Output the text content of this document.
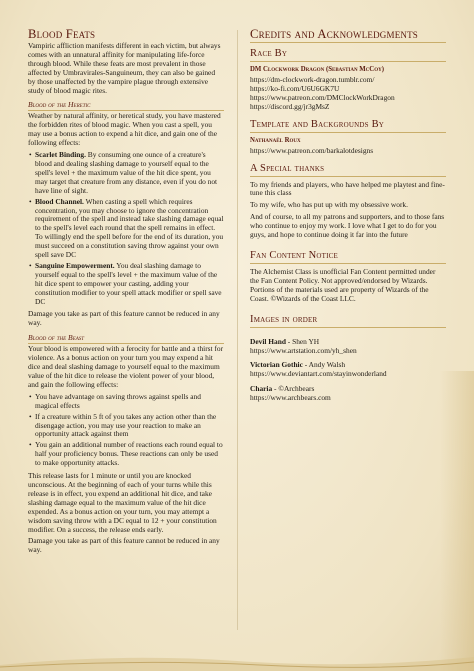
Blood Feats

Vampiric affliction manifests different in each victim, but always comes with an unnatural affinity for manipulating life-force through blood. While these feats are most prevalent in those affected by Umbravirales-Sanguineum, they can also be gained by those unaffected by the vampire plague through extensive study of blood magic rites.

Blood of the Heretic

Weather by natural affinity, or heretical study, you have mastered the forbidden rites of blood magic. When you cast a spell, you may use a bonus action to expend a hit dice, and gain one of the following effects:

• Scarlet Binding. By consuming one ounce of a creature's blood and dealing slashing damage to yourself equal to the spell's level + the maximum value of the hit dice spent, you may target that creature from any distance, even if you do not have line of sight.
• Blood Channel. When casting a spell which requires concentration, you may choose to ignore the concentration requirement of the spell and instead take slashing damage equal to the spell's level each round that the spell remains in effect. To willingly end the spell before for the end of its duration, you must succeed on a constitution saving throw against your own spell save DC
• Sanguine Empowerment. You deal slashing damage to yourself equal to the spell's level + the maximum value of the hit dice spent to empower your casting, adding your constitution modifier to your spell attack modifier or spell save DC

Damage you take as part of this feature cannot be reduced in any way.

Blood of the Beast

Your blood is empowered with a ferocity for battle and a thirst for violence. As a bonus action on your turn you may expend a hit dice and deal slashing damage to yourself equal to the maximum value of the hit dice to release the violent power of your blood, and gain the following effects:

• You have advantage on saving throws against spells and magical effects
• If a creature within 5 ft of you takes any action other than the disengage action, you may use your reaction to make an opportunity attack against them
• You gain an additional number of reactions each round equal to half your proficiency bonus. These reactions can only be used to make opportunity attacks.

This release lasts for 1 minute or until you are knocked unconscious. At the beginning of each of your turns while this release is in effect, you expend an additional hit dice, and take slashing damage equal to the maximum value of the hit dice expended. As a bonus action on your turn, you may attempt a wisdom saving throw with a DC equal to 12 + your constitution modifier. On a success, the release ends early.

Damage you take as part of this feature cannot be reduced in any way.

Credits and Acknowledgments
Race By
DM Clockwork Dragon (Sebastian McCoy)
https://dm-clockwork-dragon.tumblr.com/
https://ko-fi.com/U6U6GK7U
https://www.patreon.com/DMClockWorkDragon
https://discord.gg/jr3gMsZ
Template and Backgrounds By
Nathanaël Roux
https://www.patreon.com/barkalotdesigns
A Special thanks

To my friends and players, who have helped me playtest and fine-tune this class

To my wife, who has put up with my obsessive work.

And of course, to all my patrons and supporters, and to those fans who continue to enjoy my work. I love what I get to do for you guys, and hope to continue doing it far into the future

Fan Content Notice

The Alchemist Class is unofficial Fan Content permitted under the Fan Content Policy. Not approved/endorsed by Wizards. Portions of the materials used are property of Wizards of the Coast. ©Wizards of the Coast LLC.

Images in order
Devil Hand - Shen YH
https://www.artstation.com/yh_shen
Victorian Gothic - Andy Walsh
https://www.deviantart.com/stayinwonderland
Charia - ©Archbears
https://www.archbears.com
